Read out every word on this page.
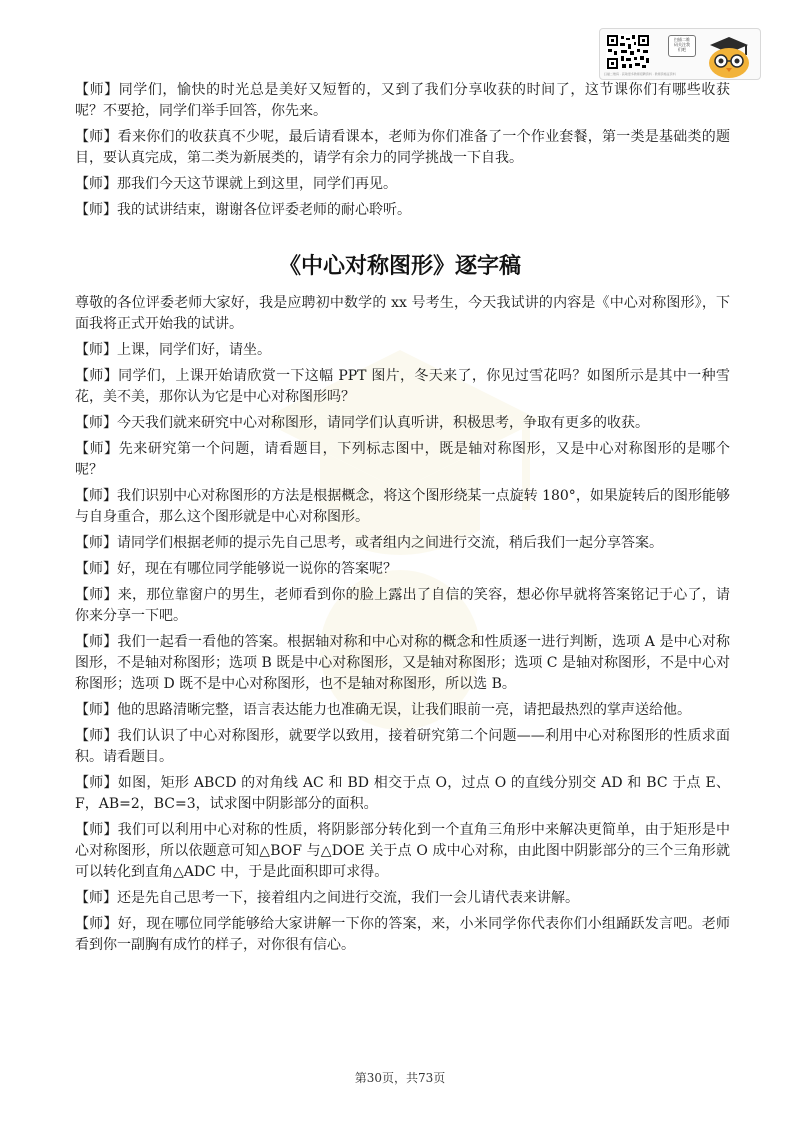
扫描二维码 · 获取更多教师招聘资料 · 教师资格证资料
扫描二维
码关注我
们吧

【师】同学们，愉快的时光总是美好又短暂的，又到了我们分享收获的时间了，这节课你们有哪些收获呢？不要抢，同学们举手回答，你先来。

【师】看来你们的收获真不少呢，最后请看课本，老师为你们准备了一个作业套餐，第一类是基础类的题目，要认真完成，第二类为新展类的，请学有余力的同学挑战一下自我。

【师】那我们今天这节课就上到这里，同学们再见。

【师】我的试讲结束，谢谢各位评委老师的耐心聆听。

《中心对称图形》逐字稿

尊敬的各位评委老师大家好，我是应聘初中数学的 xx 号考生，今天我试讲的内容是《中心对称图形》，下面我将正式开始我的试讲。

【师】上课，同学们好，请坐。

【师】同学们，上课开始请欣赏一下这幅 PPT 图片，冬天来了，你见过雪花吗？如图所示是其中一种雪花，美不美，那你认为它是中心对称图形吗？

【师】今天我们就来研究中心对称图形，请同学们认真听讲，积极思考，争取有更多的收获。

【师】先来研究第一个问题，请看题目，下列标志图中，既是轴对称图形，又是中心对称图形的是哪个呢？

【师】我们识别中心对称图形的方法是根据概念，将这个图形绕某一点旋转 180°，如果旋转后的图形能够与自身重合，那么这个图形就是中心对称图形。

【师】请同学们根据老师的提示先自己思考，或者组内之间进行交流，稍后我们一起分享答案。

【师】好，现在有哪位同学能够说一说你的答案呢？

【师】来，那位靠窗户的男生，老师看到你的脸上露出了自信的笑容，想必你早就将答案铭记于心了，请你来分享一下吧。

【师】我们一起看一看他的答案。根据轴对称和中心对称的概念和性质逐一进行判断，选项 A 是中心对称图形，不是轴对称图形；选项 B 既是中心对称图形，又是轴对称图形；选项 C 是轴对称图形，不是中心对称图形；选项 D 既不是中心对称图形，也不是轴对称图形，所以选 B。

【师】他的思路清晰完整，语言表达能力也准确无误，让我们眼前一亮，请把最热烈的掌声送给他。

【师】我们认识了中心对称图形，就要学以致用，接着研究第二个问题——利用中心对称图形的性质求面积。请看题目。

【师】如图，矩形 ABCD 的对角线 AC 和 BD 相交于点 O，过点 O 的直线分别交 AD 和 BC 于点 E、F，AB=2，BC=3，试求图中阴影部分的面积。

【师】我们可以利用中心对称的性质，将阴影部分转化到一个直角三角形中来解决更简单，由于矩形是中心对称图形，所以依题意可知△BOF 与△DOE 关于点 O 成中心对称，由此图中阴影部分的三个三角形就可以转化到直角△ADC 中，于是此面积即可求得。

【师】还是先自己思考一下，接着组内之间进行交流，我们一会儿请代表来讲解。

【师】好，现在哪位同学能够给大家讲解一下你的答案，来，小米同学你代表你们小组踊跃发言吧。老师看到你一副胸有成竹的样子，对你很有信心。

第30页，共73页
